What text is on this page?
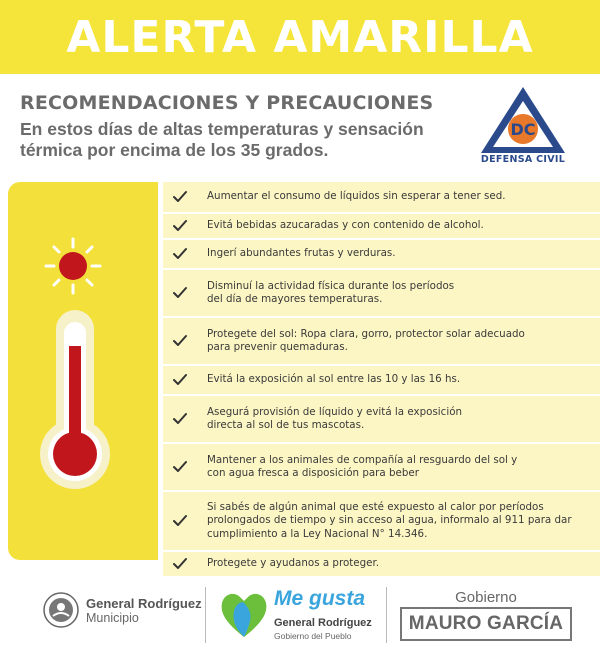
ALERTA AMARILLA
RECOMENDACIONES Y PRECAUCIONES

En estos días de altas temperaturas y sensación
térmica por encima de los 35 grados.

DC
DEFENSA CIVIL
Aumentar el consumo de líquidos sin esperar a tener sed.
Evitá bebidas azucaradas y con contenido de alcohol.
Ingerí abundantes frutas y verduras.
Disminuí la actividad física durante los períodos
del día de mayores temperaturas.
Protegete del sol: Ropa clara, gorro, protector solar adecuado
para prevenir quemaduras.
Evitá la exposición al sol entre las 10 y las 16 hs.
Asegurá provisión de líquido y evitá la exposición
directa al sol de tus mascotas.
Mantener a los animales de compañía al resguardo del sol y
con agua fresca a disposición para beber
Si sabés de algún animal que esté expuesto al calor por períodos
prolongados de tiempo y sin acceso al agua, informalo al 911 para dar
cumplimiento a la Ley Nacional N° 14.346.
Protegete y ayudanos a proteger.
General Rodríguez
Municipio
Me gusta
General Rodríguez
Gobierno del Pueblo
Gobierno
MAURO GARCÍA
